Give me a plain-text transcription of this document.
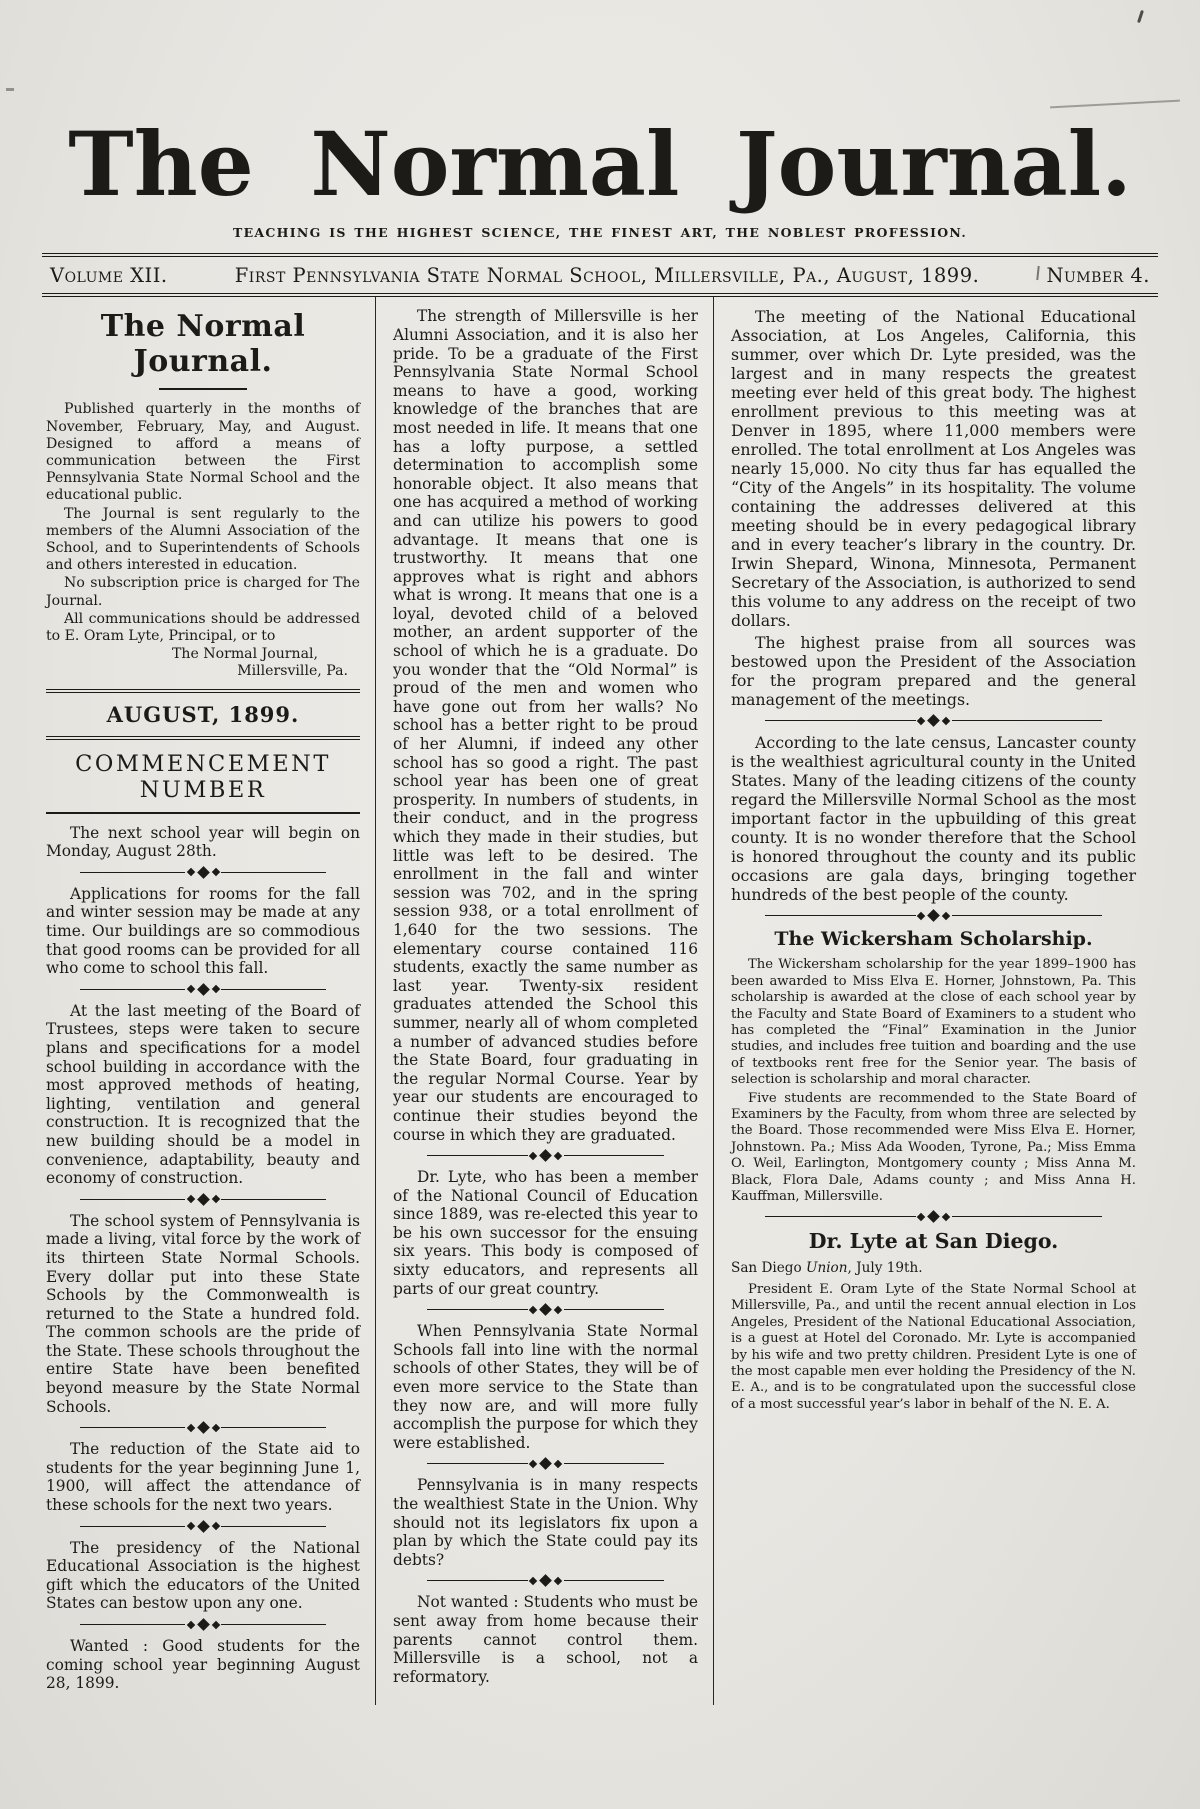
The Normal Journal.
TEACHING IS THE HIGHEST SCIENCE, THE FINEST ART, THE NOBLEST PROFESSION.
Volume XII.	First Pennsylvania State Normal School, Millersville, Pa., August, 1899.	Number 4.
The Normal Journal.

Published quarterly in the months of November, February, May, and August. Designed to afford a means of communication between the First Pennsylvania State Normal School and the educational public.

The Journal is sent regularly to the members of the Alumni Association of the School, and to Superintendents of Schools and others interested in education.

No subscription price is charged for The Journal.

All communications should be addressed to E. Oram Lyte, Principal, or to

The Normal Journal,

Millersville, Pa.

AUGUST, 1899.
COMMENCEMENT NUMBER

The next school year will begin on Monday, August 28th.

Applications for rooms for the fall and winter session may be made at any time. Our buildings are so commodious that good rooms can be provided for all who come to school this fall.

At the last meeting of the Board of Trustees, steps were taken to secure plans and specifications for a model school building in accordance with the most approved methods of heating, lighting, ventilation and general construction. It is recognized that the new building should be a model in convenience, adaptability, beauty and economy of construction.

The school system of Pennsylvania is made a living, vital force by the work of its thirteen State Normal Schools. Every dollar put into these State Schools by the Commonwealth is returned to the State a hundred fold. The common schools are the pride of the State. These schools throughout the entire State have been benefited beyond measure by the State Normal Schools.

The reduction of the State aid to students for the year beginning June 1, 1900, will affect the attendance of these schools for the next two years.

The presidency of the National Educational Association is the highest gift which the educators of the United States can bestow upon any one.

Wanted : Good students for the coming school year beginning August 28, 1899.

The strength of Millersville is her Alumni Association, and it is also her pride. To be a graduate of the First Pennsylvania State Normal School means to have a good, working knowledge of the branches that are most needed in life. It means that one has a lofty purpose, a settled determination to accomplish some honorable object. It also means that one has acquired a method of working and can utilize his powers to good advantage. It means that one is trustworthy. It means that one approves what is right and abhors what is wrong. It means that one is a loyal, devoted child of a beloved mother, an ardent supporter of the school of which he is a graduate. Do you wonder that the “Old Normal” is proud of the men and women who have gone out from her walls? No school has a better right to be proud of her Alumni, if indeed any other school has so good a right. The past school year has been one of great prosperity. In numbers of students, in their conduct, and in the progress which they made in their studies, but little was left to be desired. The enrollment in the fall and winter session was 702, and in the spring session 938, or a total enrollment of 1,640 for the two sessions. The elementary course contained 116 students, exactly the same number as last year. Twenty-six resident graduates attended the School this summer, nearly all of whom completed a number of advanced studies before the State Board, four graduating in the regular Normal Course. Year by year our students are encouraged to continue their studies beyond the course in which they are graduated.

Dr. Lyte, who has been a member of the National Council of Education since 1889, was re-elected this year to be his own successor for the ensuing six years. This body is composed of sixty educators, and represents all parts of our great country.

When Pennsylvania State Normal Schools fall into line with the normal schools of other States, they will be of even more service to the State than they now are, and will more fully accomplish the purpose for which they were established.

Pennsylvania is in many respects the wealthiest State in the Union. Why should not its legislators fix upon a plan by which the State could pay its debts?

Not wanted : Students who must be sent away from home because their parents cannot control them. Millersville is a school, not a reformatory.

The meeting of the National Educational Association, at Los Angeles, California, this summer, over which Dr. Lyte presided, was the largest and in many respects the greatest meeting ever held of this great body. The highest enrollment previous to this meeting was at Denver in 1895, where 11,000 members were enrolled. The total enrollment at Los Angeles was nearly 15,000. No city thus far has equalled the “City of the Angels” in its hospitality. The volume containing the addresses delivered at this meeting should be in every pedagogical library and in every teacher’s library in the country. Dr. Irwin Shepard, Winona, Minnesota, Permanent Secretary of the Association, is authorized to send this volume to any address on the receipt of two dollars.

The highest praise from all sources was bestowed upon the President of the Association for the program prepared and the general management of the meetings.

According to the late census, Lancaster county is the wealthiest agricultural county in the United States. Many of the leading citizens of the county regard the Millersville Normal School as the most important factor in the upbuilding of this great county. It is no wonder therefore that the School is honored throughout the county and its public occasions are gala days, bringing together hundreds of the best people of the county.

The Wickersham Scholarship.

The Wickersham scholarship for the year 1899–1900 has been awarded to Miss Elva E. Horner, Johnstown, Pa. This scholarship is awarded at the close of each school year by the Faculty and State Board of Examiners to a student who has completed the “Final” Examination in the Junior studies, and includes free tuition and boarding and the use of textbooks rent free for the Senior year. The basis of selection is scholarship and moral character.

Five students are recommended to the State Board of Examiners by the Faculty, from whom three are selected by the Board. Those recommended were Miss Elva E. Horner, Johnstown. Pa.; Miss Ada Wooden, Tyrone, Pa.; Miss Emma O. Weil, Earlington, Montgomery county ; Miss Anna M. Black, Flora Dale, Adams county ; and Miss Anna H. Kauffman, Millersville.

Dr. Lyte at San Diego.

San Diego Union, July 19th.

President E. Oram Lyte of the State Normal School at Millersville, Pa., and until the recent annual election in Los Angeles, President of the National Educational Association, is a guest at Hotel del Coronado. Mr. Lyte is accompanied by his wife and two pretty children. President Lyte is one of the most capable men ever holding the Presidency of the N. E. A., and is to be congratulated upon the successful close of a most successful year’s labor in behalf of the N. E. A.
